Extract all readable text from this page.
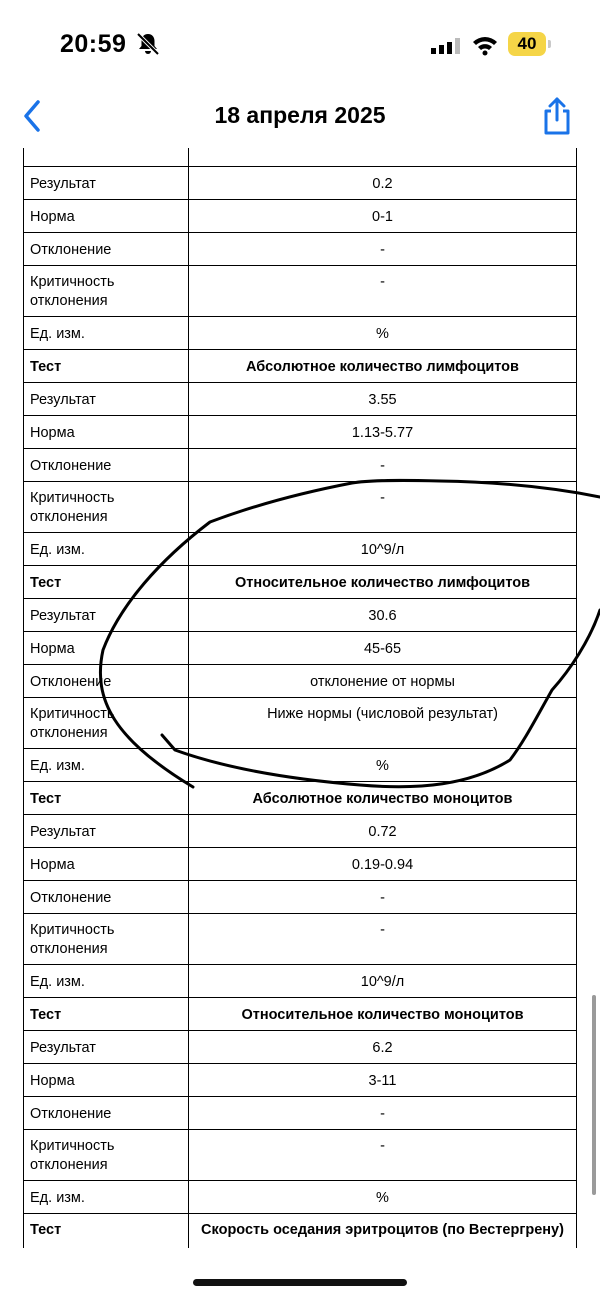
20:59	40
18 апреля 2025

Результат	0.2
Норма	0-1
Отклонение	-
Критичность отклонения	-
Ед. изм.	%
Тест	Абсолютное количество лимфоцитов
Результат	3.55
Норма	1.13-5.77
Отклонение	-
Критичность отклонения	-
Ед. изм.	10^9/л
Тест	Относительное количество лимфоцитов
Результат	30.6
Норма	45-65
Отклонение	отклонение от нормы
Критичность отклонения	Ниже нормы (числовой результат)
Ед. изм.	%
Тест	Абсолютное количество моноцитов
Результат	0.72
Норма	0.19-0.94
Отклонение	-
Критичность отклонения	-
Ед. изм.	10^9/л
Тест	Относительное количество моноцитов
Результат	6.2
Норма	3-11
Отклонение	-
Критичность отклонения	-
Ед. изм.	%
Тест	Скорость оседания эритроцитов (по Вестергрену)
